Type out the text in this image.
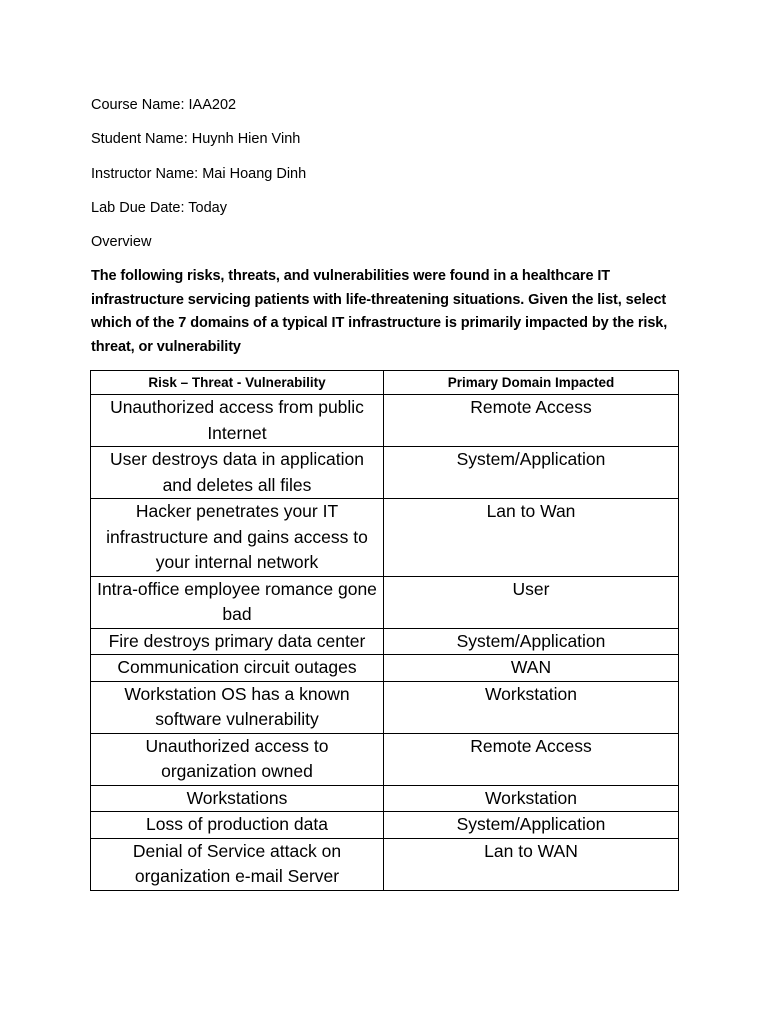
Course Name: IAA202
Student Name: Huynh Hien Vinh
Instructor Name: Mai Hoang Dinh
Lab Due Date: Today
Overview
The following risks, threats, and vulnerabilities were found in a healthcare IT infrastructure servicing patients with life-threatening situations. Given the list, select which of the 7 domains of a typical IT infrastructure is primarily impacted by the risk, threat, or vulnerability
Risk – Threat - Vulnerability	Primary Domain Impacted
Unauthorized access from public Internet	Remote Access
User destroys data in application and deletes all files	System/Application
Hacker penetrates your IT infrastructure and gains access to your internal network	Lan to Wan
Intra-office employee romance gone bad	User
Fire destroys primary data center	System/Application
Communication circuit outages	WAN
Workstation OS has a known software vulnerability	Workstation
Unauthorized access to organization owned	Remote Access
Workstations	Workstation
Loss of production data	System/Application
Denial of Service attack on organization e-mail Server	Lan to WAN
